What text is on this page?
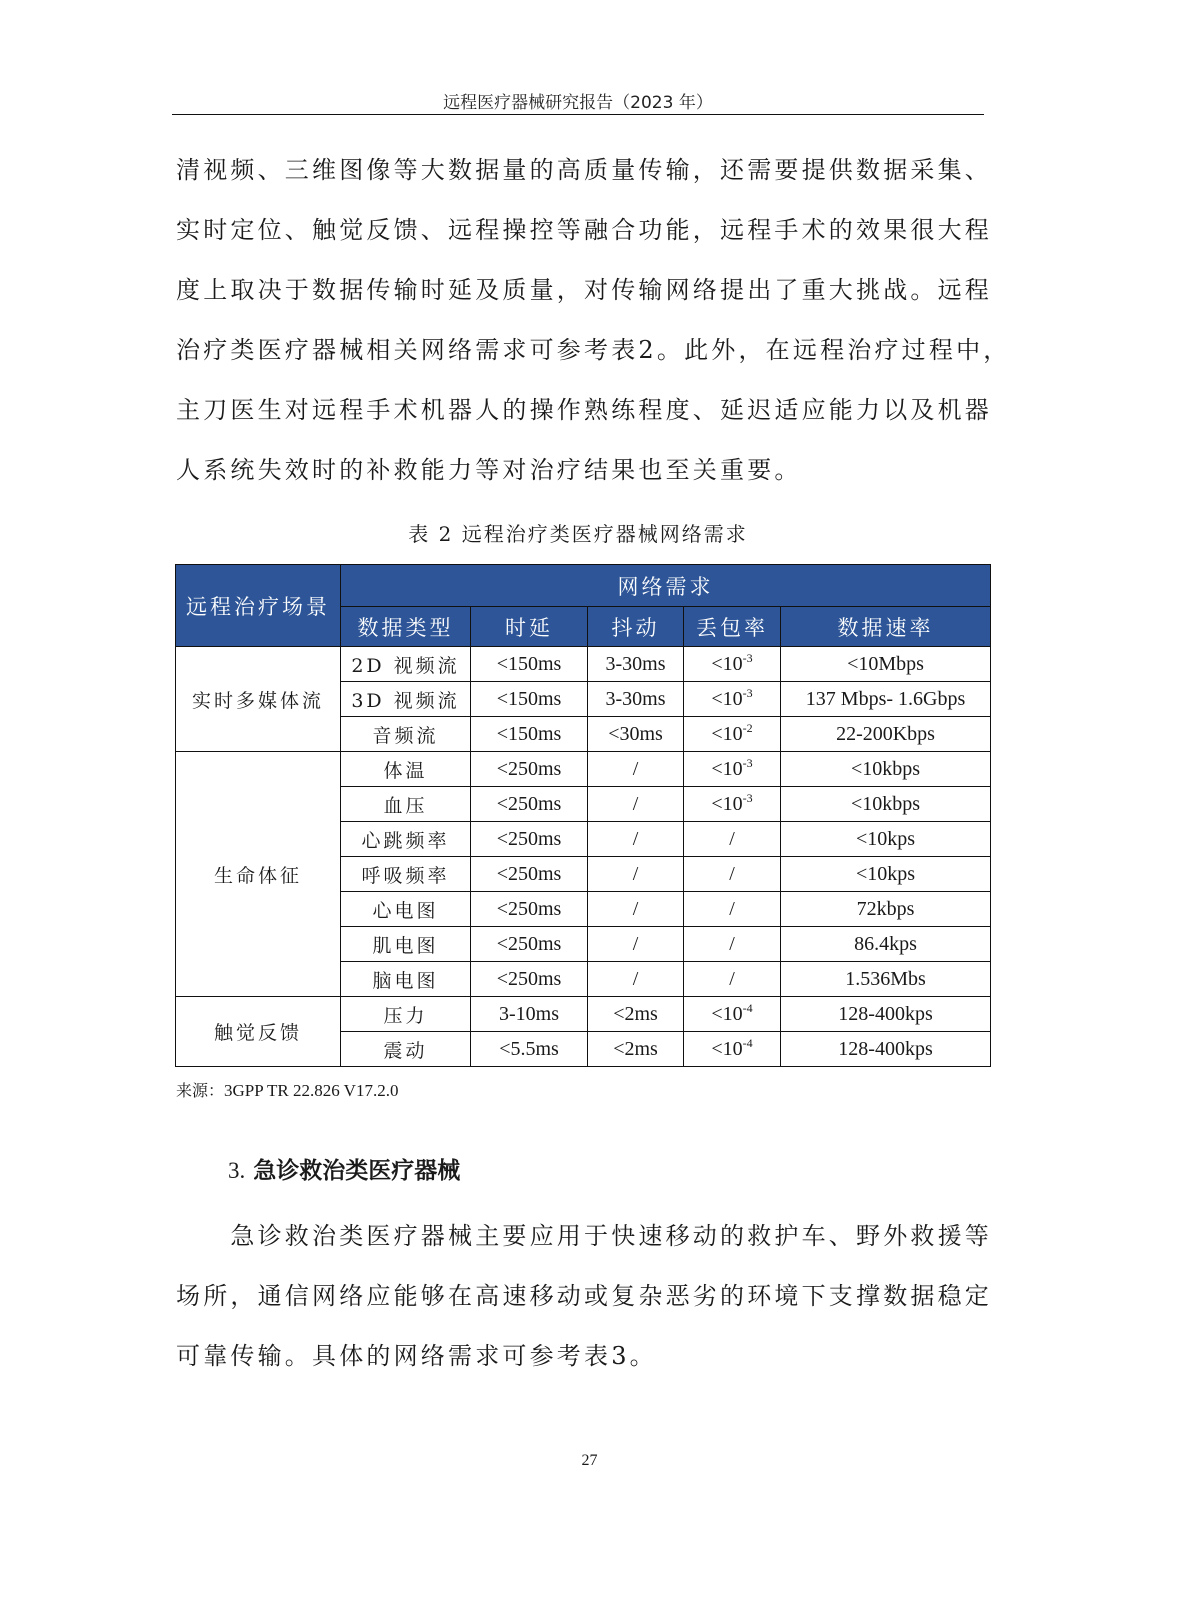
远程医疗器械研究报告（2023 年）
清视频、三维图像等大数据量的高质量传输，还需要提供数据采集、
实时定位、触觉反馈、远程操控等融合功能，远程手术的效果很大程
度上取决于数据传输时延及质量，对传输网络提出了重大挑战。远程
治疗类医疗器械相关网络需求可参考表2。此外，在远程治疗过程中，
主刀医生对远程手术机器人的操作熟练程度、延迟适应能力以及机器
人系统失效时的补救能力等对治疗结果也至关重要。
表 2 远程治疗类医疗器械网络需求
远程治疗场景	网络需求				
	数据类型	时延	抖动	丢包率	数据速率
实时多媒体流	2D 视频流	<150ms	3-30ms	$<10^{-3}$	<10Mbps
	3D 视频流	<150ms	3-30ms	$<10^{-3}$	137 Mbps- 1.6Gbps
	音频流	<150ms	<30ms	$<10^{-2}$	22-200Kbps
生命体征	体温	<250ms	/	$<10^{-3}$	<10kbps
	血压	<250ms	/	$<10^{-3}$	<10kbps
	心跳频率	<250ms	/	/	<10kps
	呼吸频率	<250ms	/	/	<10kps
	心电图	<250ms	/	/	72kbps
	肌电图	<250ms	/	/	86.4kps
	脑电图	<250ms	/	/	1.536Mbs
触觉反馈	压力	3-10ms	<2ms	$<10^{-4}$	128-400kps
	震动	<5.5ms	<2ms	$<10^{-4}$	128-400kps
来源：3GPP TR 22.826 V17.2.0
3. 急诊救治类医疗器械
　　急诊救治类医疗器械主要应用于快速移动的救护车、野外救援等
场所，通信网络应能够在高速移动或复杂恶劣的环境下支撑数据稳定
可靠传输。具体的网络需求可参考表3。
27
